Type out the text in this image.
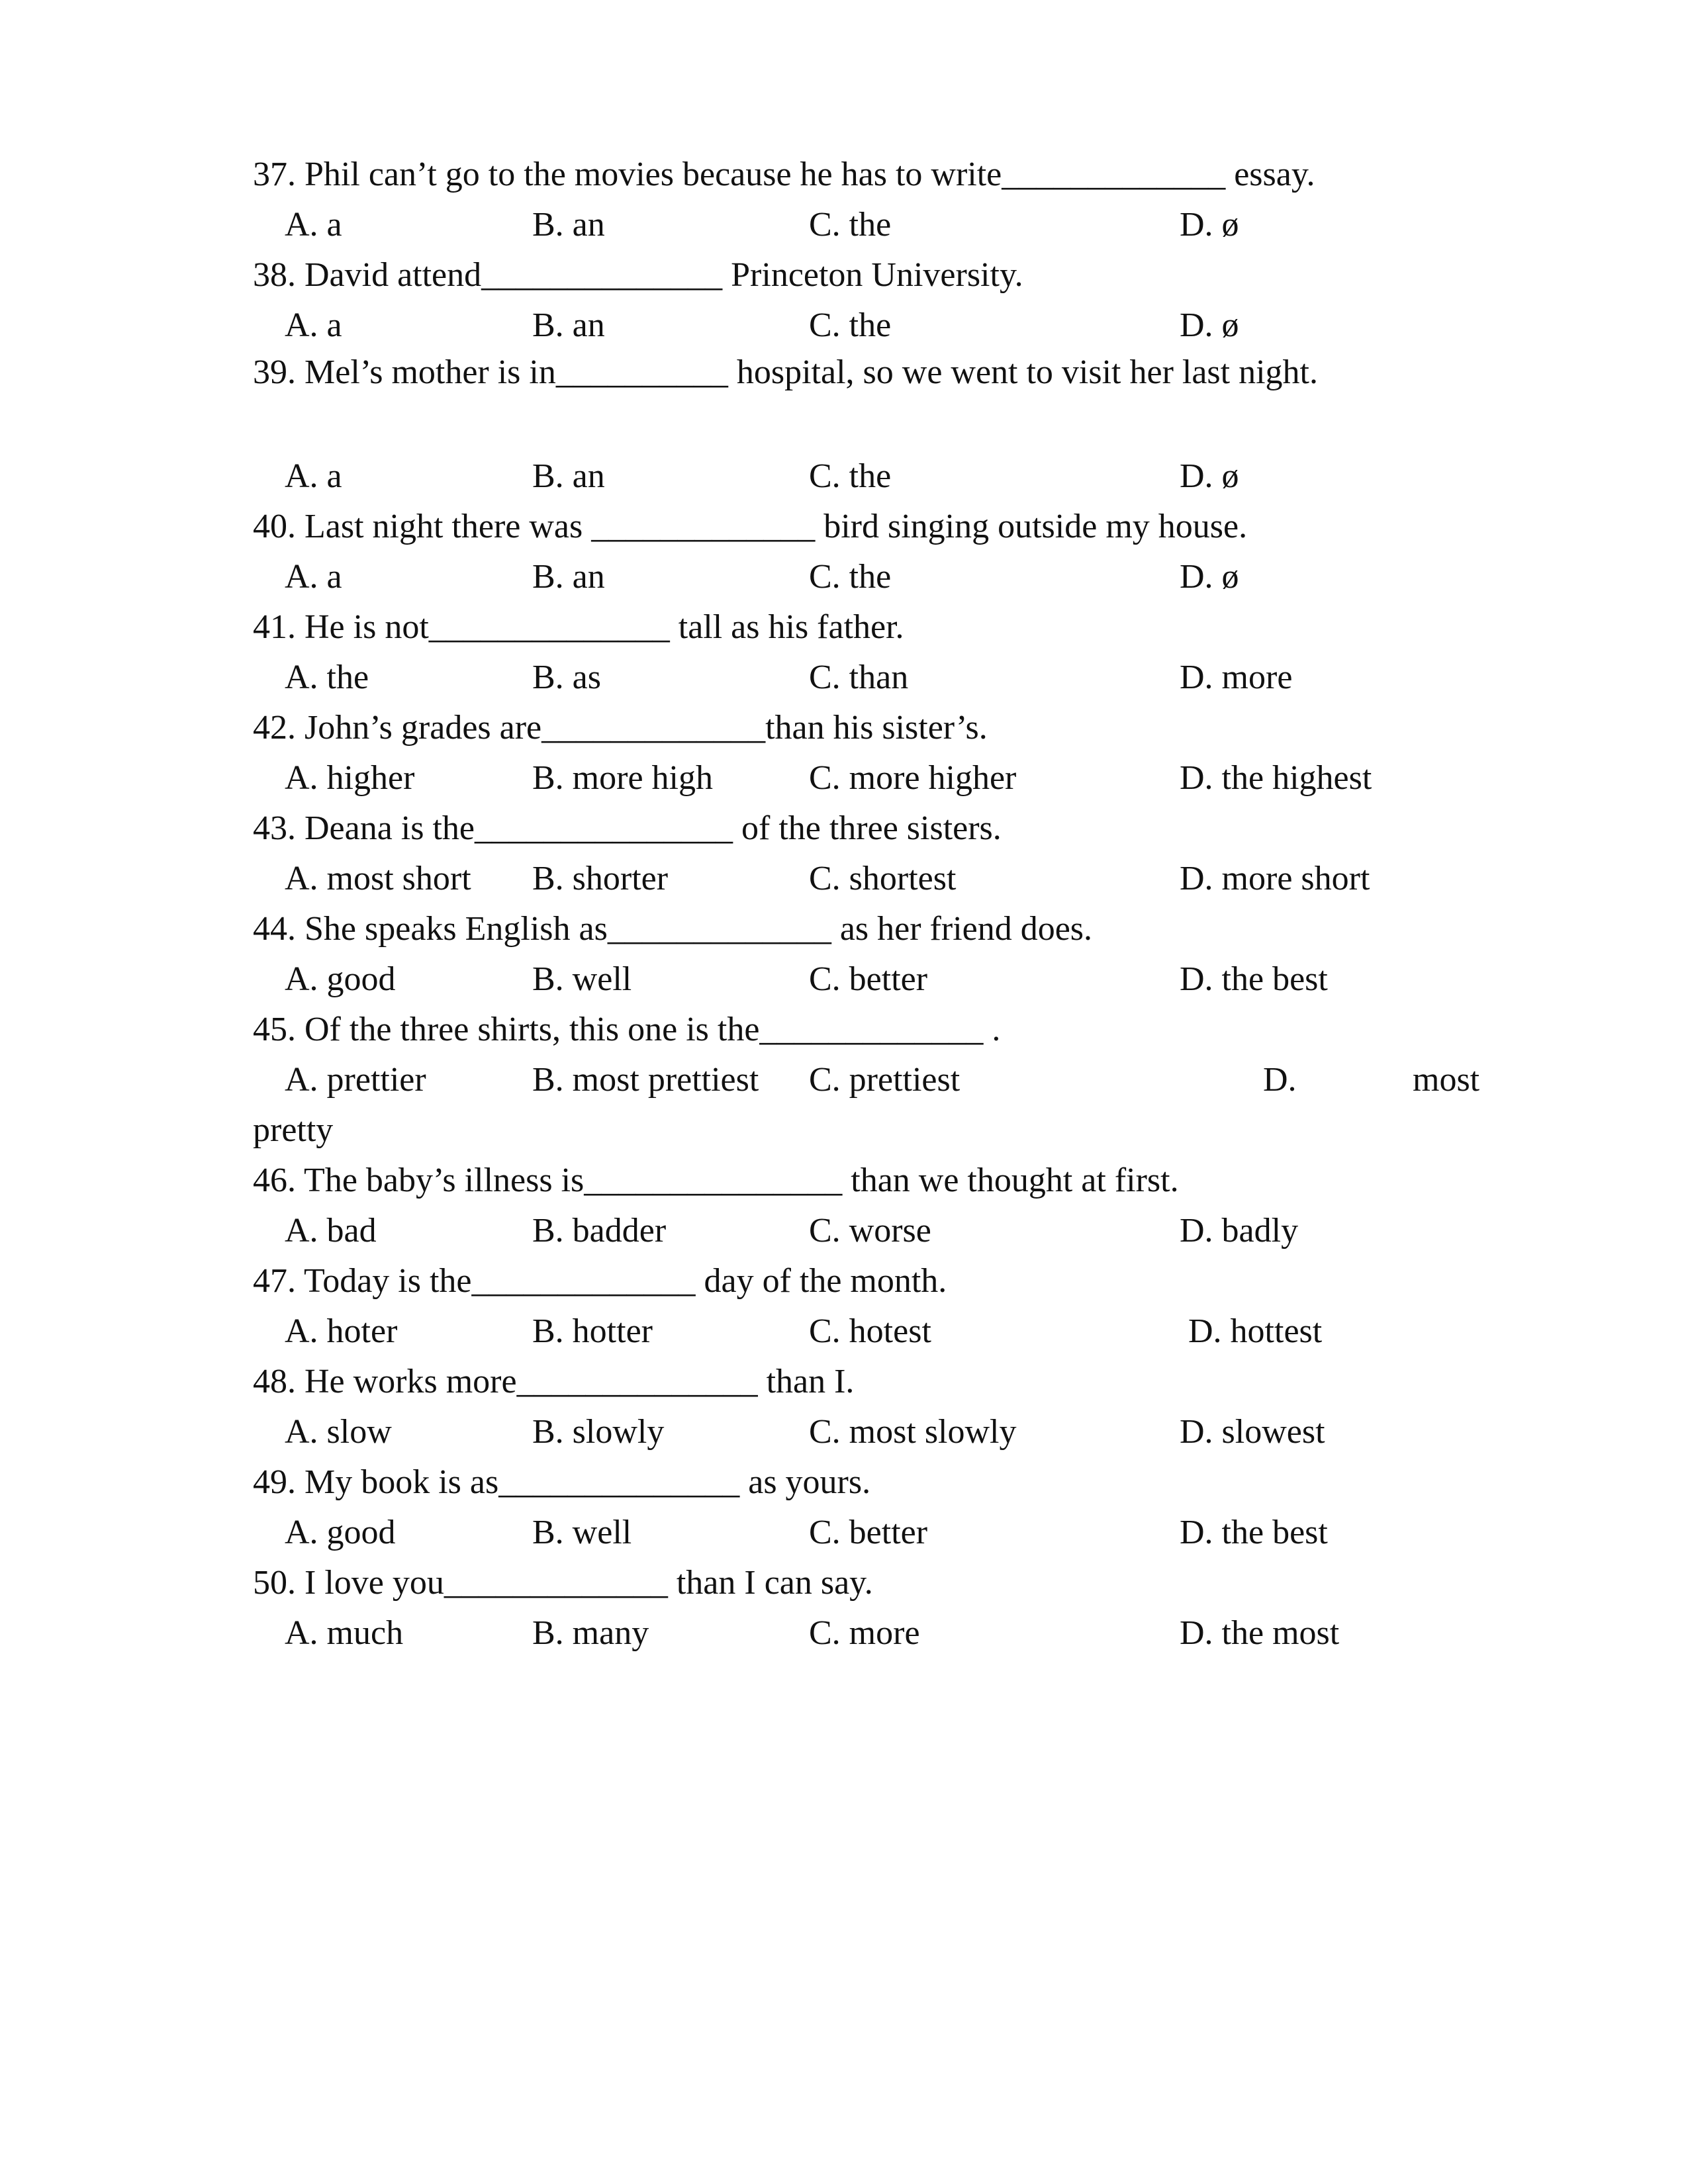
37. Phil can’t go to the movies because he has to write_____________ essay.
A. a	B. an	C. the	D. ø
38. David attend______________ Princeton University.
A. a	B. an	C. the	D. ø
39. Mel’s mother is in__________ hospital, so we went to visit her last night.
A. a	B. an	C. the	D. ø
40. Last night there was _____________ bird singing outside my house.
A. a	B. an	C. the	D. ø
41. He is not______________ tall as his father.
A. the	B. as	C. than	D. more
42. John’s grades are_____________than his sister’s.
A. higher	B. more high	C. more higher	D. the highest
43. Deana is the_______________ of the three sisters.
A. most short B. shorter	C. shortest	D. more short
44. She speaks English as_____________ as her friend does.
A. good	B. well	C. better	D. the best
45. Of the three shirts, this one is the_____________ .
A. prettier	B. most prettiest C. prettiest	D.	most
pretty
46. The baby’s illness is_______________ than we thought at first.
A. bad	B. badder	C. worse	D. badly
47. Today is the_____________ day of the month.
A. hoter	B. hotter	C. hotest	D. hottest
48. He works more______________ than I.
A. slow	B. slowly	C. most slowly	D. slowest
49. My book is as______________ as yours.
A. good	B. well	C. better	D. the best
50. I love you_____________ than I can say.
A. much	B. many	C. more	D. the most
